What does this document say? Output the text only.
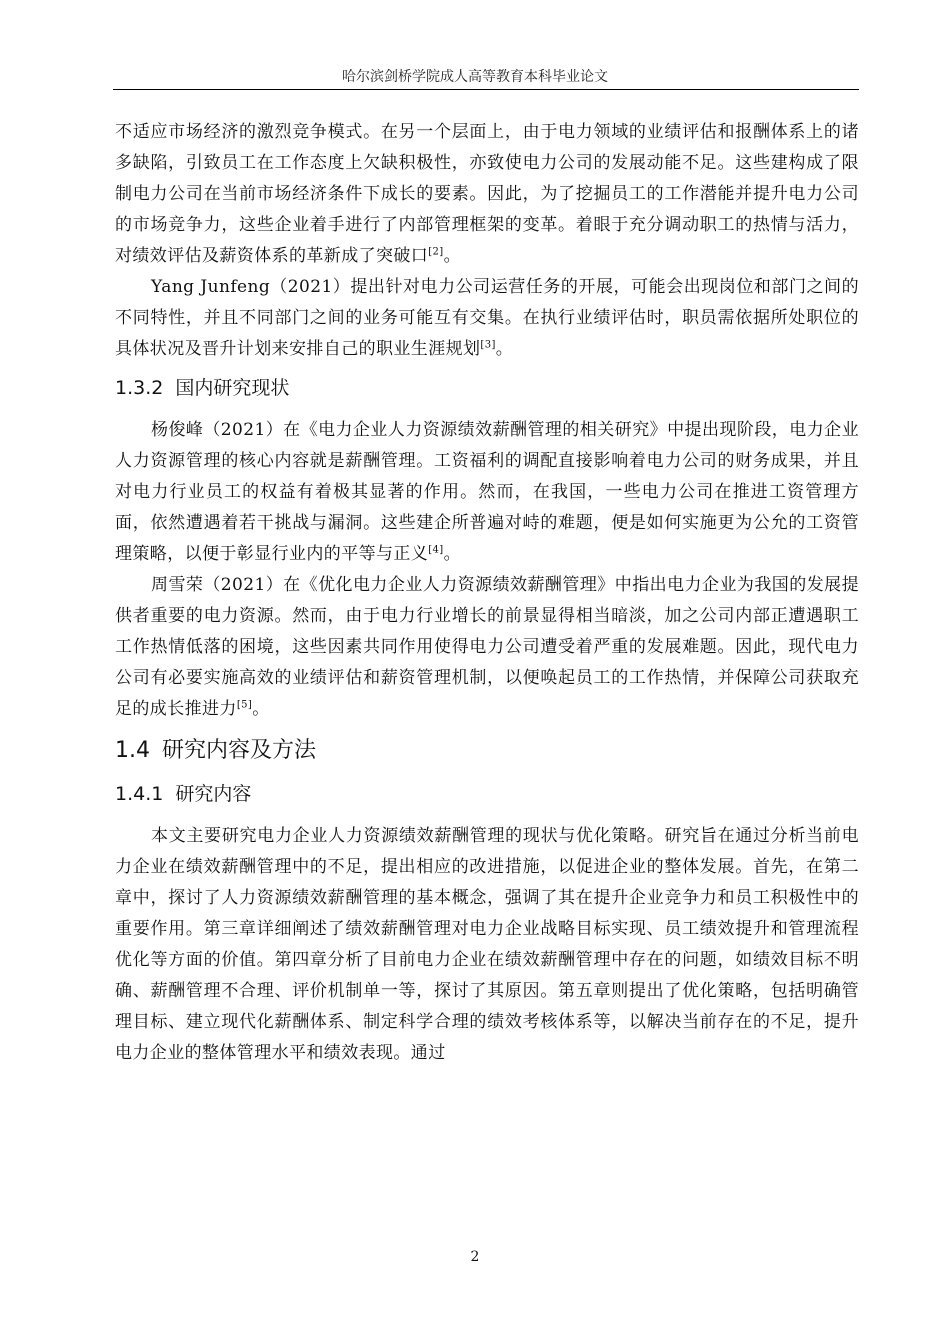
哈尔滨剑桥学院成人高等教育本科毕业论文

不适应市场经济的激烈竞争模式。在另一个层面上，由于电力领域的业绩评估和报酬体系上的诸多缺陷，引致员工在工作态度上欠缺积极性，亦致使电力公司的发展动能不足。这些建构成了限制电力公司在当前市场经济条件下成长的要素。因此，为了挖掘员工的工作潜能并提升电力公司的市场竞争力，这些企业着手进行了内部管理框架的变革。着眼于充分调动职工的热情与活力，对绩效评估及薪资体系的革新成了突破口[2]。

Yang Junfeng（2021）提出针对电力公司运营任务的开展，可能会出现岗位和部门之间的不同特性，并且不同部门之间的业务可能互有交集。在执行业绩评估时，职员需依据所处职位的具体状况及晋升计划来安排自己的职业生涯规划[3]。

1.3.2 国内研究现状

杨俊峰（2021）在《电力企业人力资源绩效薪酬管理的相关研究》中提出现阶段，电力企业人力资源管理的核心内容就是薪酬管理。工资福利的调配直接影响着电力公司的财务成果，并且对电力行业员工的权益有着极其显著的作用。然而，在我国，一些电力公司在推进工资管理方面，依然遭遇着若干挑战与漏洞。这些建企所普遍对峙的难题，便是如何实施更为公允的工资管理策略，以便于彰显行业内的平等与正义[4]。

周雪荣（2021）在《优化电力企业人力资源绩效薪酬管理》中指出电力企业为我国的发展提供者重要的电力资源。然而，由于电力行业增长的前景显得相当暗淡，加之公司内部正遭遇职工工作热情低落的困境，这些因素共同作用使得电力公司遭受着严重的发展难题。因此，现代电力公司有必要实施高效的业绩评估和薪资管理机制，以便唤起员工的工作热情，并保障公司获取充足的成长推进力[5]。

1.4 研究内容及方法
1.4.1 研究内容

本文主要研究电力企业人力资源绩效薪酬管理的现状与优化策略。研究旨在通过分析当前电力企业在绩效薪酬管理中的不足，提出相应的改进措施，以促进企业的整体发展。首先，在第二章中，探讨了人力资源绩效薪酬管理的基本概念，强调了其在提升企业竞争力和员工积极性中的重要作用。第三章详细阐述了绩效薪酬管理对电力企业战略目标实现、员工绩效提升和管理流程优化等方面的价值。第四章分析了目前电力企业在绩效薪酬管理中存在的问题，如绩效目标不明确、薪酬管理不合理、评价机制单一等，探讨了其原因。第五章则提出了优化策略，包括明确管理目标、建立现代化薪酬体系、制定科学合理的绩效考核体系等，以解决当前存在的不足，提升电力企业的整体管理水平和绩效表现。通过

2
